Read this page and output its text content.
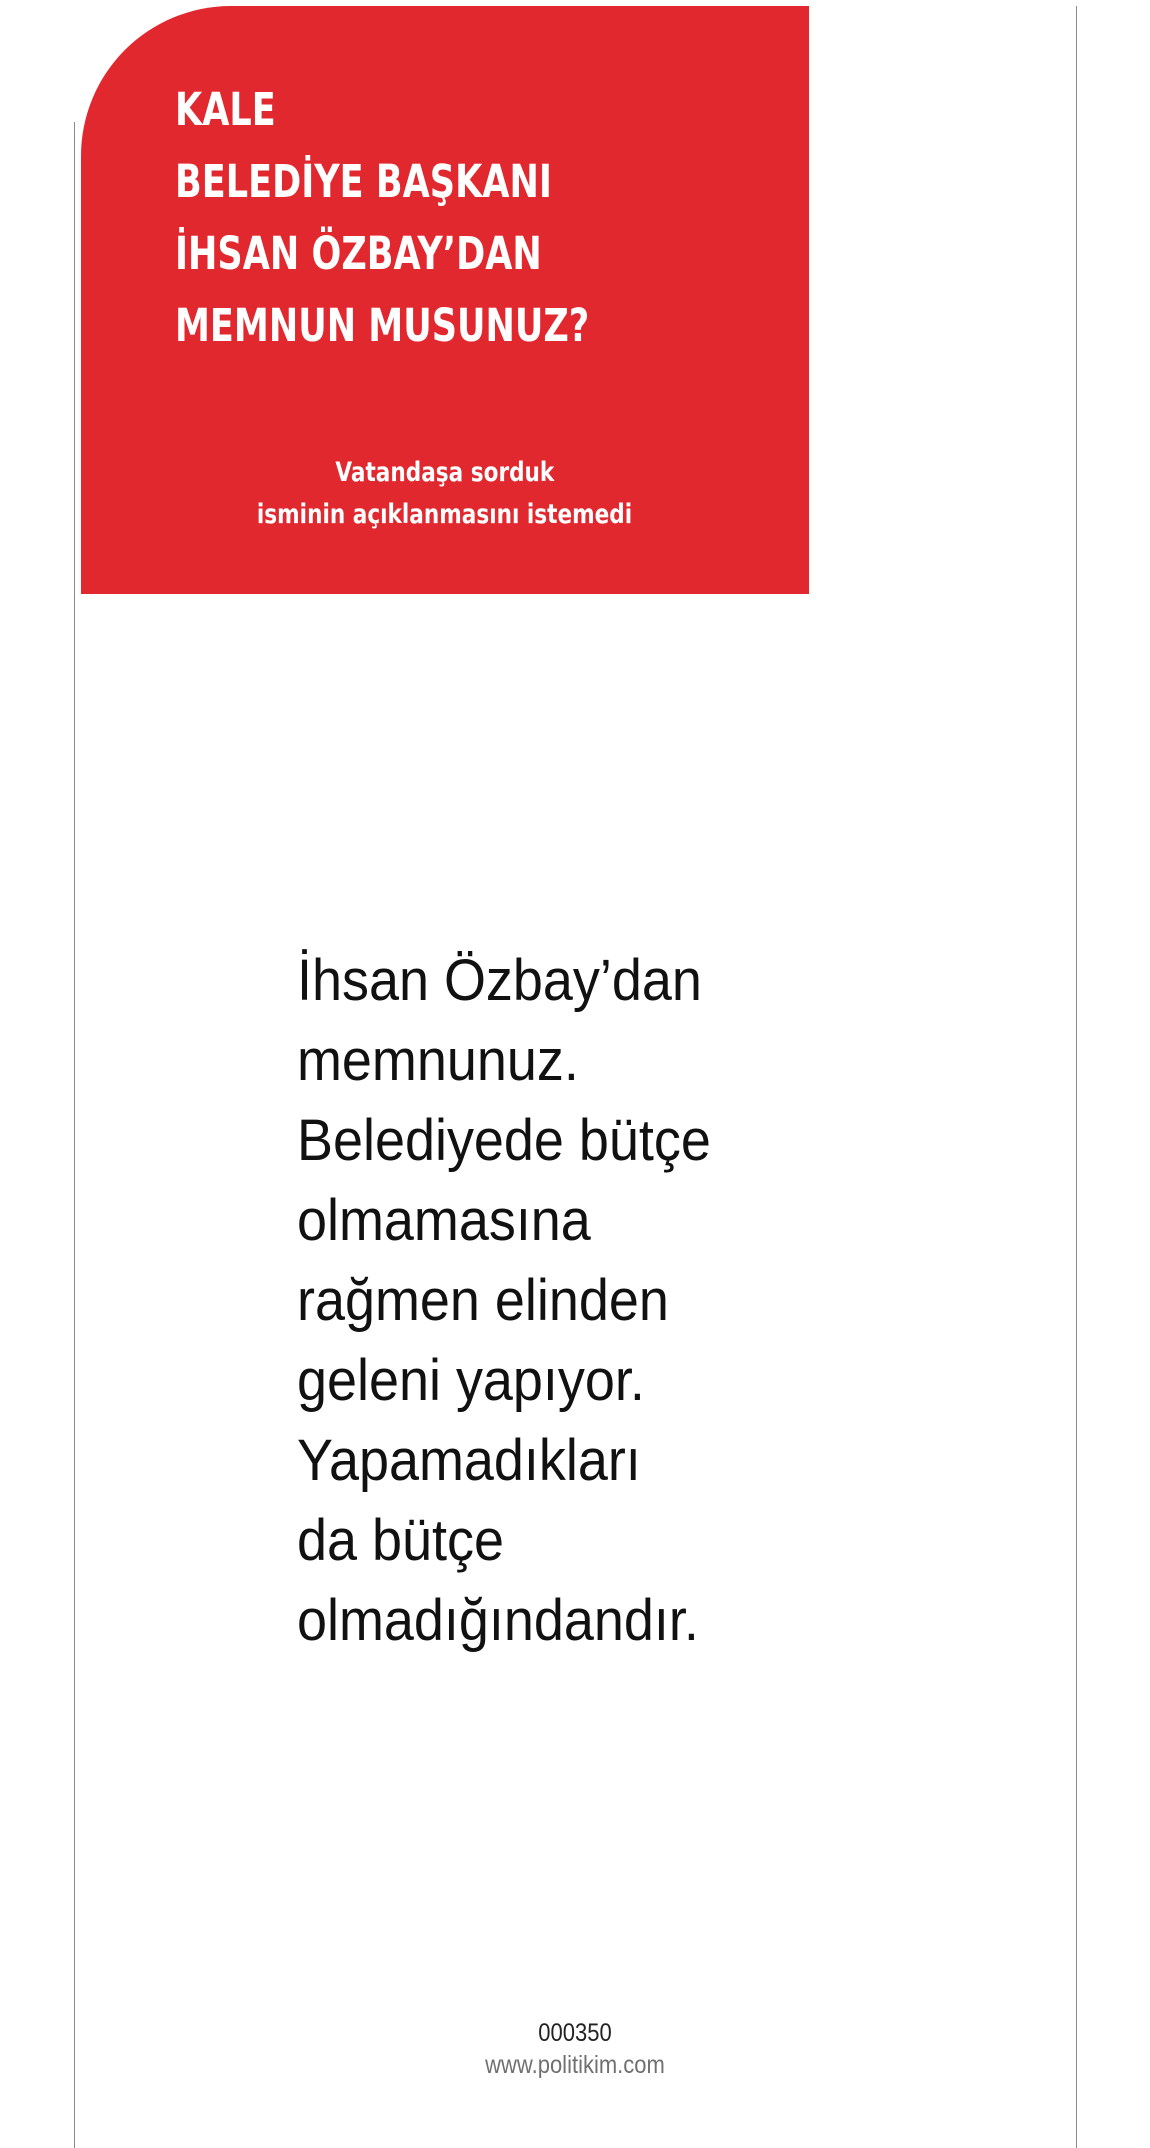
KALE
BELEDİYE BAŞKANI
İHSAN ÖZBAY’DAN
MEMNUN MUSUNUZ?
Vatandaşa sorduk
isminin açıklanmasını istemedi

İhsan Özbay’dan
memnunuz.
Belediyede bütçe
olmamasına
rağmen elinden
geleni yapıyor.
Yapamadıkları
da bütçe
olmadığındandır.

000350
www.politikim.com
